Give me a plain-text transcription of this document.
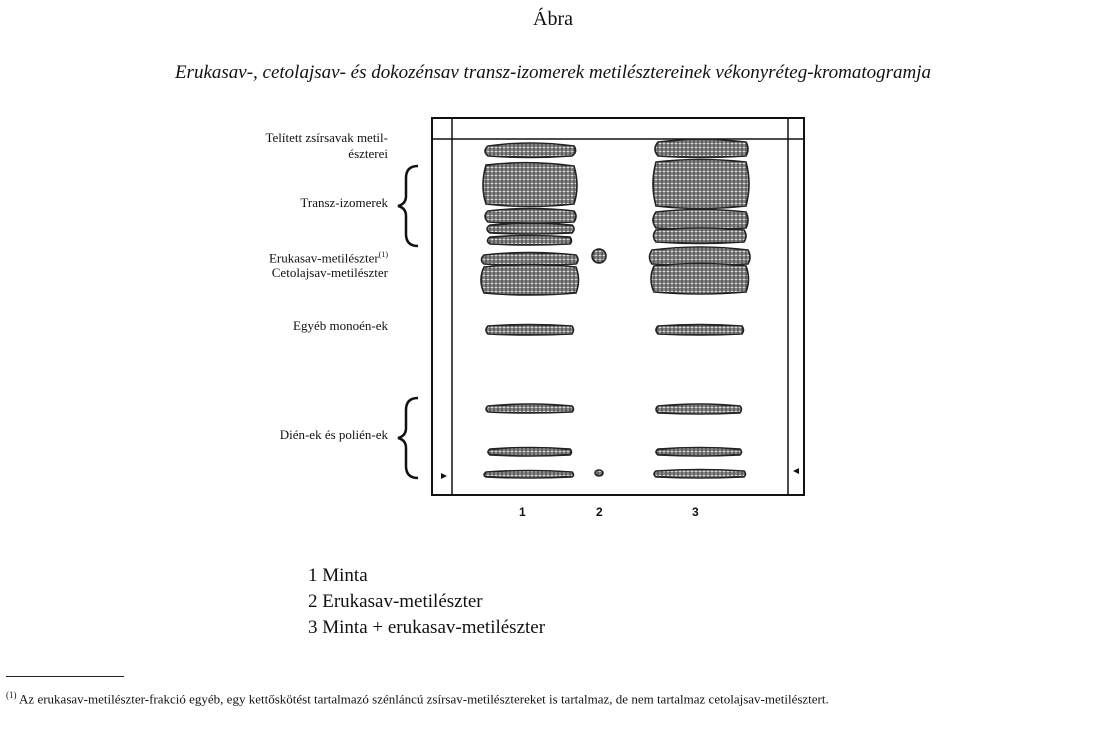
Ábra
Erukasav-, cetolajsav- és dokozénsav transz-izomerek metilésztereinek vékonyréteg-kromatogramja
Telített zsírsavak metil-
észterei
Transz-izomerek
Erukasav-metilészter$^{(1)}$
Cetolajsav-metilészter
Egyéb monoén-ek
Dién-ek és polién-ek
1	2	3
1 Minta
2 Erukasav-metilészter
3 Minta + erukasav-metilészter
$^{(1)}$ Az erukasav-metilészter-frakció egyéb, egy kettőskötést tartalmazó szénláncú zsírsav-metilésztereket is tartalmaz, de nem tartalmaz cetolajsav-metilésztert.
